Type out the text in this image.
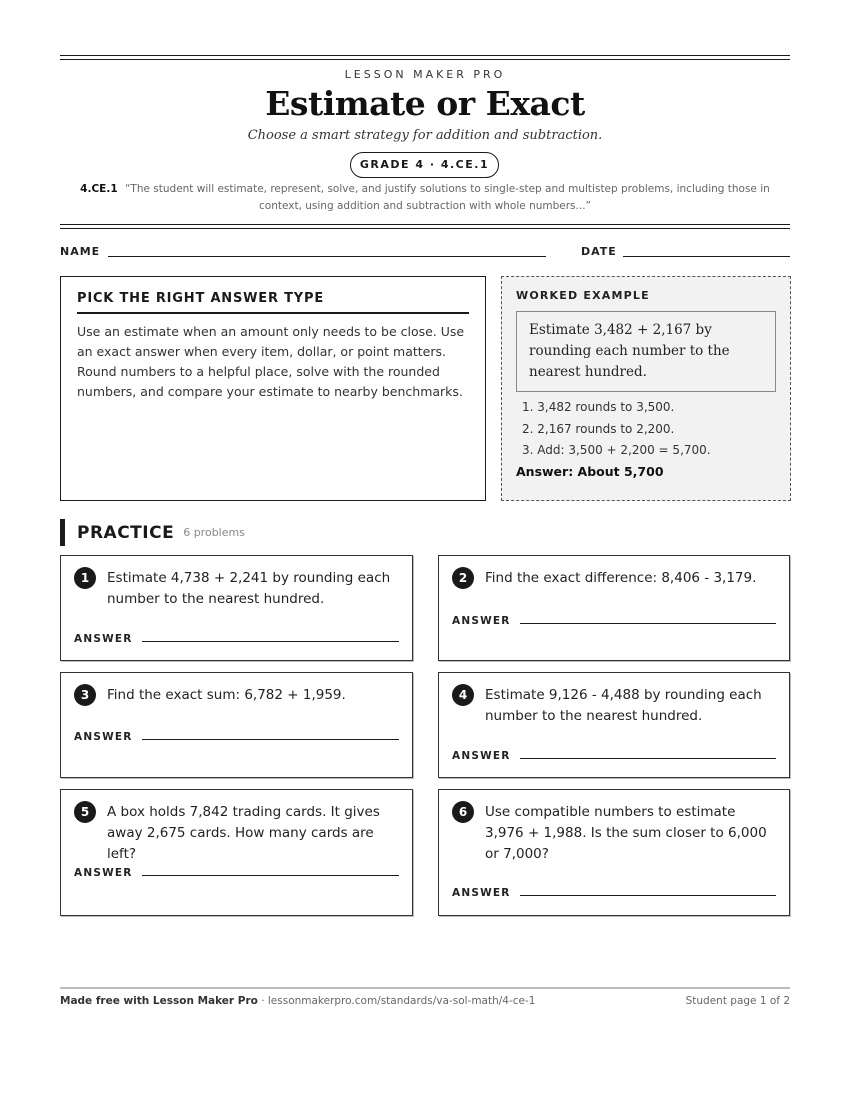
LESSON MAKER PRO
Estimate or Exact
Choose a smart strategy for addition and subtraction.
GRADE 4 · 4.CE.1
4.CE.1 “The student will estimate, represent, solve, and justify solutions to single-step and multistep problems, including those in context, using addition and subtraction with whole numbers...”
NAME	DATE
PICK THE RIGHT ANSWER TYPE

Use an estimate when an amount only needs to be close. Use an exact answer when every item, dollar, or point matters. Round numbers to a helpful place, solve with the rounded numbers, and compare your estimate to nearby benchmarks.

WORKED EXAMPLE
Estimate 3,482 + 2,167 by rounding each number to the nearest hundred.
1. 3,482 rounds to 3,500.
2. 2,167 rounds to 2,200.
3. Add: 3,500 + 2,200 = 5,700.
Answer: About 5,700
PRACTICE 6 problems
1	Estimate 4,738 + 2,241 by rounding each number to the nearest hundred.
ANSWER
2	Find the exact difference: 8,406 - 3,179.
ANSWER
3	Find the exact sum: 6,782 + 1,959.
ANSWER
4	Estimate 9,126 - 4,488 by rounding each number to the nearest hundred.
ANSWER
5	A box holds 7,842 trading cards. It gives away 2,675 cards. How many cards are left?
ANSWER
6	Use compatible numbers to estimate 3,976 + 1,988. Is the sum closer to 6,000 or 7,000?
ANSWER
Made free with Lesson Maker Pro · lessonmakerpro.com/standards/va-sol-math/4-ce-1	Student page 1 of 2
